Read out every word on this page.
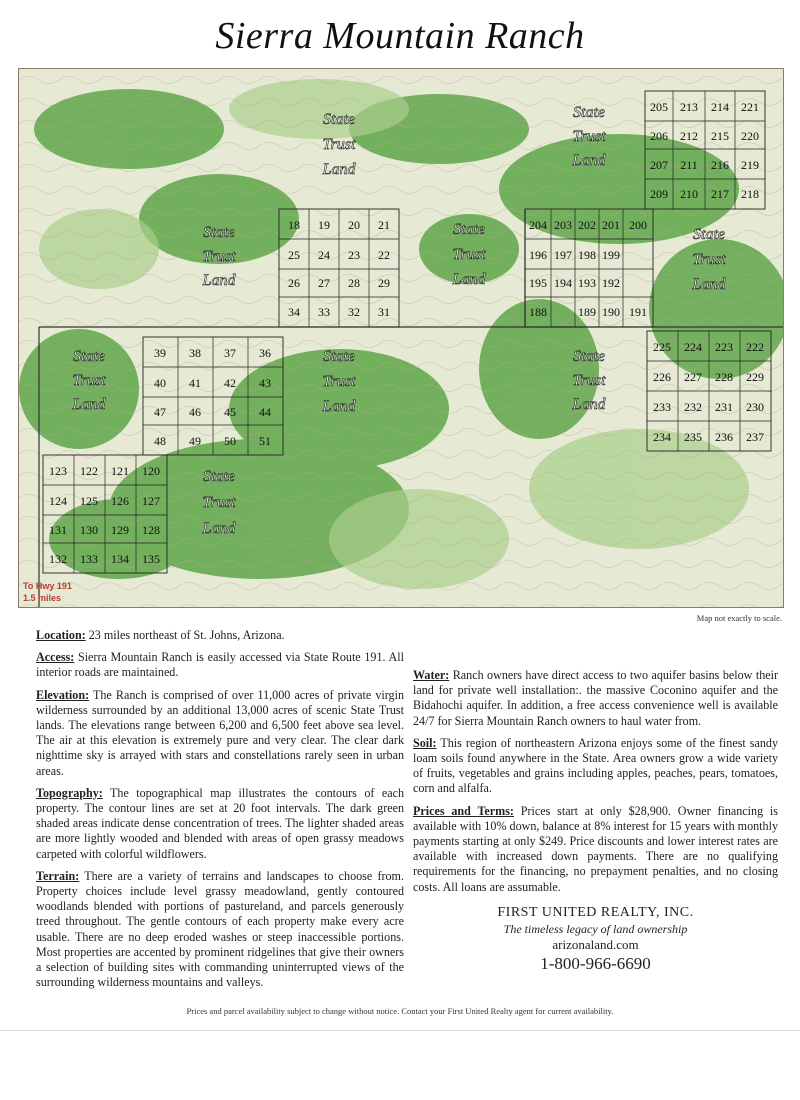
Sierra Mountain Ranch
205 213 214 221
206 212 215 220
207 211 216 219
209 210 217 218
204 203 202 201 200
196 197 198 199
195 194 193 192
188	189 190 191
18 19 20 21
25 24 23 22
26 27 28 29
34 33 32 31
39 38 37 36
40 41 42 43
47 46 45 44
48 49 50 51
225 224 223 222
226 227 228 229
233 232 231 230
234 235 236 237
123 122 121 120
124 125 126 127
131 130 129 128
132 133 134 135
State
Trust
Land
State
Trust
Land
State
Trust
Land
State
Trust
Land
State
Trust
Land
State
Trust
Land
State
Trust
Land
State
Trust
Land
State
Trust
Land
To Hwy 191
1.5 miles
Map not exactly to scale.

Location: 23 miles northeast of St. Johns, Arizona.

Access: Sierra Mountain Ranch is easily accessed via State Route 191. All interior roads are maintained.

Elevation: The Ranch is comprised of over 11,000 acres of private virgin wilderness surrounded by an additional 13,000 acres of scenic State Trust lands. The elevations range between 6,200 and 6,500 feet above sea level. The air at this elevation is extremely pure and very clear. The clear dark nighttime sky is arrayed with stars and constellations rarely seen in urban areas.

Topography: The topographical map illustrates the contours of each property. The contour lines are set at 20 foot intervals. The dark green shaded areas indicate dense concentration of trees. The lighter shaded areas are more lightly wooded and blended with areas of open grassy meadows carpeted with colorful wildflowers.

Terrain: There are a variety of terrains and landscapes to choose from. Property choices include level grassy meadowland, gently contoured woodlands blended with portions of pastureland, and parcels generously treed throughout. The gentle contours of each property make every acre usable. There are no deep eroded washes or steep inaccessible portions. Most properties are accented by prominent ridgelines that give their owners a selection of building sites with commanding uninterrupted views of the surrounding wilderness mountains and valleys.

Water: Ranch owners have direct access to two aquifer basins below their land for private well installation:. the massive Coconino aquifer and the Bidahochi aquifer. In addition, a free access convenience well is available 24/7 for Sierra Mountain Ranch owners to haul water from.

Soil: This region of northeastern Arizona enjoys some of the finest sandy loam soils found anywhere in the State. Area owners grow a wide variety of fruits, vegetables and grains including apples, peaches, pears, tomatoes, corn and alfalfa.

Prices and Terms: Prices start at only $28,900. Owner financing is available with 10% down, balance at 8% interest for 15 years with monthly payments starting at only $249. Price discounts and lower interest rates are available with increased down payments. There are no qualifying requirements for the financing, no prepayment penalties, and no closing costs. All loans are assumable.

FIRST UNITED REALTY, INC.
The timeless legacy of land ownership
arizonaland.com
1-800-966-6690
Prices and parcel availability subject to change without notice. Contact your First United Realty agent for current availability.
